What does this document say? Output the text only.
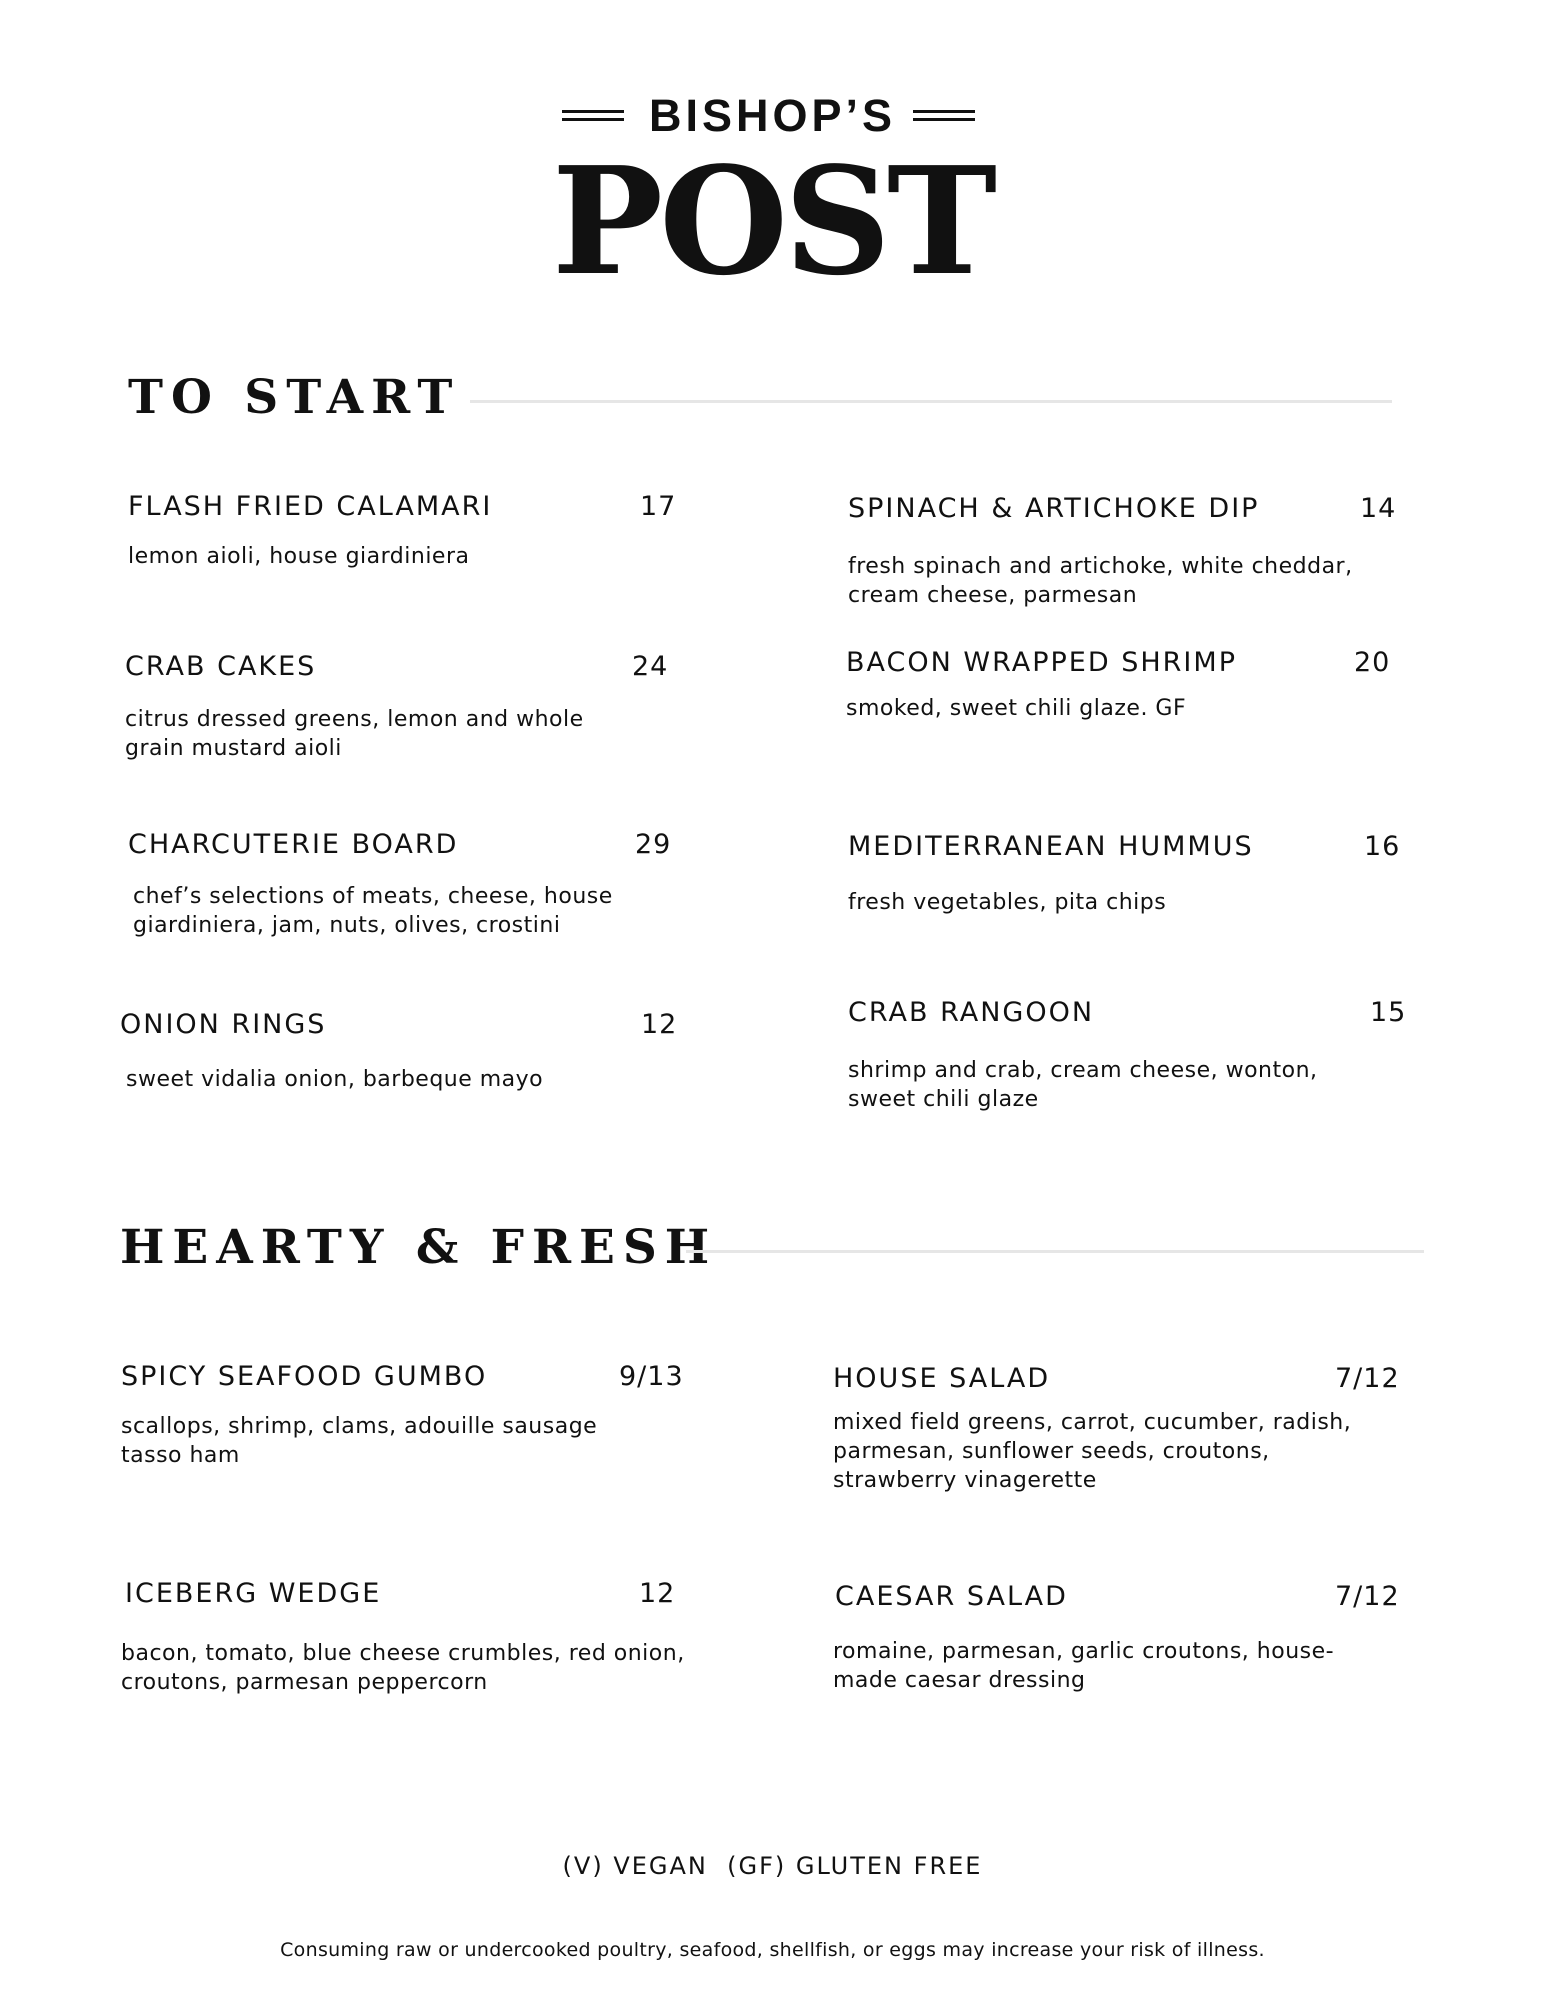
BISHOP’S
POST
TO START
FLASH FRIED CALAMARI	17
lemon aioli, house giardiniera
SPINACH & ARTICHOKE DIP	14
fresh spinach and artichoke, white cheddar, cream cheese, parmesan
CRAB CAKES	24
citrus dressed greens, lemon and whole grain mustard aioli
BACON WRAPPED SHRIMP	20
smoked, sweet chili glaze. GF
CHARCUTERIE BOARD	29
chef’s selections of meats, cheese, house giardiniera, jam, nuts, olives, crostini
MEDITERRANEAN HUMMUS	16
fresh vegetables, pita chips
ONION RINGS	12
sweet vidalia onion, barbeque mayo
CRAB RANGOON	15
shrimp and crab, cream cheese, wonton, sweet chili glaze
HEARTY & FRESH
SPICY SEAFOOD GUMBO	9/13
scallops, shrimp, clams, adouille sausage tasso ham
HOUSE SALAD	7/12
mixed field greens, carrot, cucumber, radish, parmesan, sunflower seeds, croutons, strawberry vinagerette
ICEBERG WEDGE	12
bacon, tomato, blue cheese crumbles, red onion, croutons, parmesan peppercorn
CAESAR SALAD	7/12
romaine, parmesan, garlic croutons, house-made caesar dressing
(V) VEGAN  (GF) GLUTEN FREE
Consuming raw or undercooked poultry, seafood, shellfish, or eggs may increase your risk of illness.
